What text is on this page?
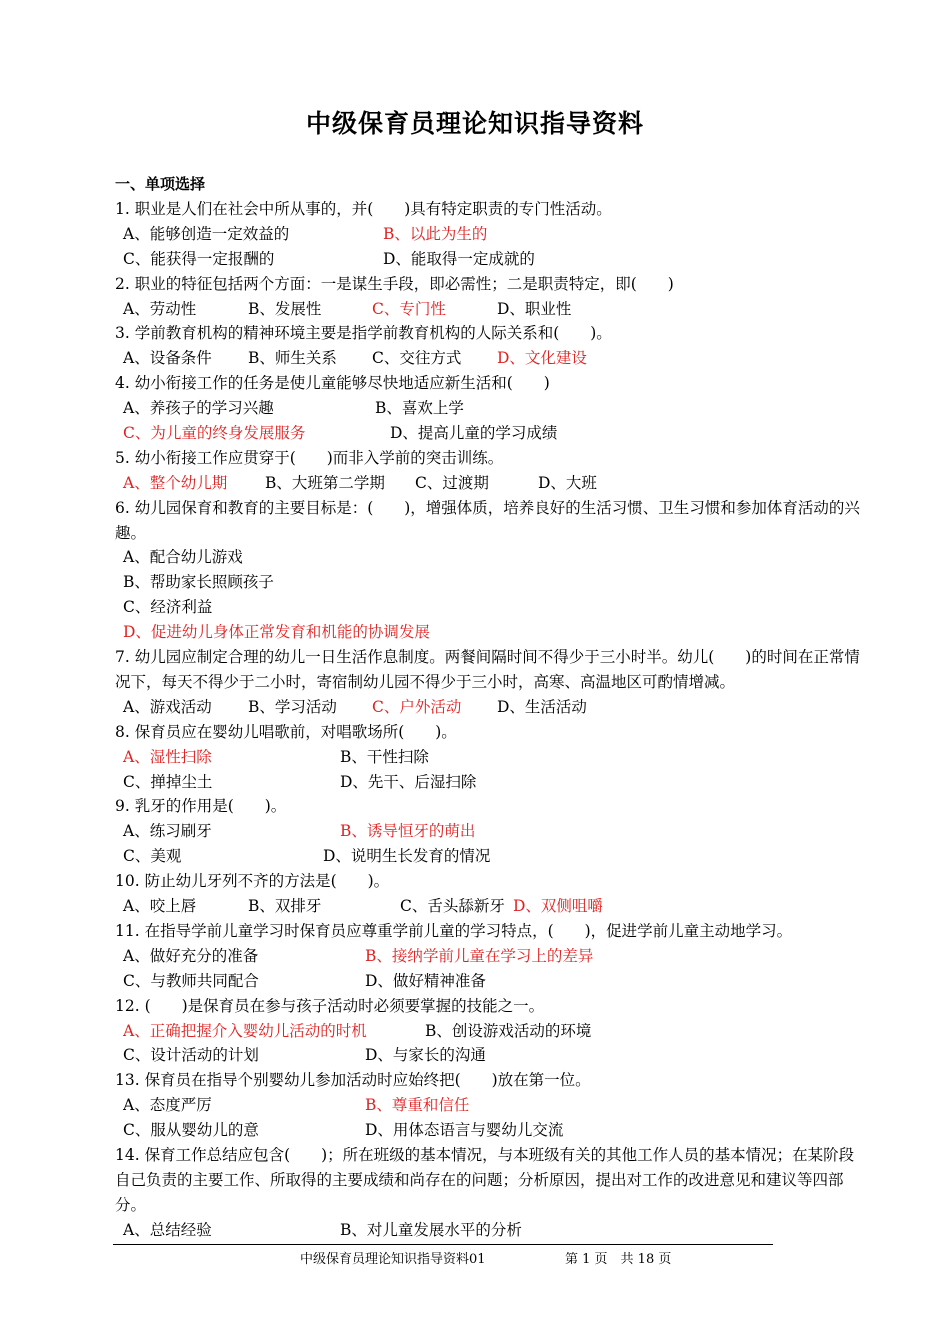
中级保育员理论知识指导资料
一、单项选择
1. 职业是人们在社会中所从事的，并(　　)具有特定职责的专门性活动。
A、能够创造一定效益的	B、以此为生的
C、能获得一定报酬的	D、能取得一定成就的
2. 职业的特征包括两个方面：一是谋生手段，即必需性；二是职责特定，即(　　)
A、劳动性	B、发展性	C、专门性	D、职业性
3. 学前教育机构的精神环境主要是指学前教育机构的人际关系和(　　)。
A、设备条件 B、师生关系 C、交往方式 D、文化建设
4. 幼小衔接工作的任务是使儿童能够尽快地适应新生活和(　　)
A、养孩子的学习兴趣	B、喜欢上学
C、为儿童的终身发展服务	D、提高儿童的学习成绩
5. 幼小衔接工作应贯穿于(　　)而非入学前的突击训练。
A、整个幼儿期 B、大班第二学期 C、过渡期	D、大班
6. 幼儿园保育和教育的主要目标是：(　　)，增强体质，培养良好的生活习惯、卫生习惯和参加体育活动的兴趣。
A、配合幼儿游戏
B、帮助家长照顾孩子
C、经济利益
D、促进幼儿身体正常发育和机能的协调发展
7. 幼儿园应制定合理的幼儿一日生活作息制度。两餐间隔时间不得少于三小时半。幼儿(　　)的时间在正常情况下，每天不得少于二小时，寄宿制幼儿园不得少于三小时，高寒、高温地区可酌情增减。
A、游戏活动 B、学习活动 C、户外活动 D、生活活动
8. 保育员应在婴幼儿唱歌前，对唱歌场所(　　)。
A、湿性扫除	B、干性扫除
C、掸掉尘土	D、先干、后湿扫除
9. 乳牙的作用是(　　)。
A、练习刷牙	B、诱导恒牙的萌出
C、美观	D、说明生长发育的情况
10. 防止幼儿牙列不齐的方法是(　　)。
A、咬上唇	B、双排牙	C、舌头舔新牙 D、双侧咀嚼
11. 在指导学前儿童学习时保育员应尊重学前儿童的学习特点，(　　)，促进学前儿童主动地学习。
A、做好充分的准备	B、接纳学前儿童在学习上的差异
C、与教师共同配合	D、做好精神准备
12. (　　)是保育员在参与孩子活动时必须要掌握的技能之一。
A、正确把握介入婴幼儿活动的时机	B、创设游戏活动的环境
C、设计活动的计划	D、与家长的沟通
13. 保育员在指导个别婴幼儿参加活动时应始终把(　　)放在第一位。
A、态度严厉	B、尊重和信任
C、服从婴幼儿的意	D、用体态语言与婴幼儿交流
14. 保育工作总结应包含(　　)；所在班级的基本情况，与本班级有关的其他工作人员的基本情况；在某阶段自己负责的主要工作、所取得的主要成绩和尚存在的问题；分析原因，提出对工作的改进意见和建议等四部分。
A、总结经验	B、对儿童发展水平的分析
中级保育员理论知识指导资料01	第 1 页　共 18 页
